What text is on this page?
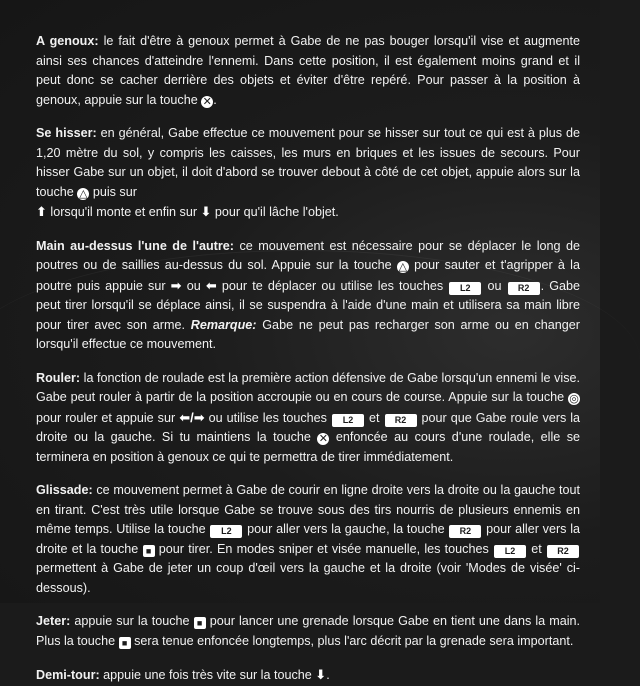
A genoux: le fait d'être à genoux permet à Gabe de ne pas bouger lorsqu'il vise et augmente ainsi ses chances d'atteindre l'ennemi. Dans cette position, il est également moins grand et il peut donc se cacher derrière des objets et éviter d'être repéré. Pour passer à la position à genoux, appuie sur la touche ✕.

Se hisser: en général, Gabe effectue ce mouvement pour se hisser sur tout ce qui est à plus de 1,20 mètre du sol, y compris les caisses, les murs en briques et les issues de secours. Pour hisser Gabe sur un objet, il doit d'abord se trouver debout à côté de cet objet, appuie alors sur la touche △ puis sur
⬆ lorsqu'il monte et enfin sur ⬇ pour qu'il lâche l'objet.

Main au-dessus l'une de l'autre: ce mouvement est nécessaire pour se déplacer le long de poutres ou de saillies au-dessus du sol. Appuie sur la touche △ pour sauter et t'agripper à la poutre puis appuie sur ➡ ou ⬅ pour te déplacer ou utilise les touches L2 ou R2 . Gabe peut tirer lorsqu'il se déplace ainsi, il se suspendra à l'aide d'une main et utilisera sa main libre pour tirer avec son arme. Remarque: Gabe ne peut pas recharger son arme ou en changer lorsqu'il effectue ce mouvement.

Rouler: la fonction de roulade est la première action défensive de Gabe lorsqu'un ennemi le vise. Gabe peut rouler à partir de la position accroupie ou en cours de course. Appuie sur la touche ◎ pour rouler et appuie sur ⬅/➡ ou utilise les touches L2 et R2 pour que Gabe roule vers la droite ou la gauche. Si tu maintiens la touche ✕ enfoncée au cours d'une roulade, elle se terminera en position à genoux ce qui te permettra de tirer immédiatement.

Glissade: ce mouvement permet à Gabe de courir en ligne droite vers la droite ou la gauche tout en tirant. C'est très utile lorsque Gabe se trouve sous des tirs nourris de plusieurs ennemis en même temps. Utilise la touche L2 pour aller vers la gauche, la touche R2 pour aller vers la droite et la touche ■ pour tirer. En modes sniper et visée manuelle, les touches L2 et R2 permettent à Gabe de jeter un coup d'œil vers la gauche et la droite (voir 'Modes de visée' ci-dessous).

Jeter: appuie sur la touche ■ pour lancer une grenade lorsque Gabe en tient une dans la main. Plus la touche ■ sera tenue enfoncée longtemps, plus l'arc décrit par la grenade sera important.

Demi-tour: appuie une fois très vite sur la touche ⬇.
